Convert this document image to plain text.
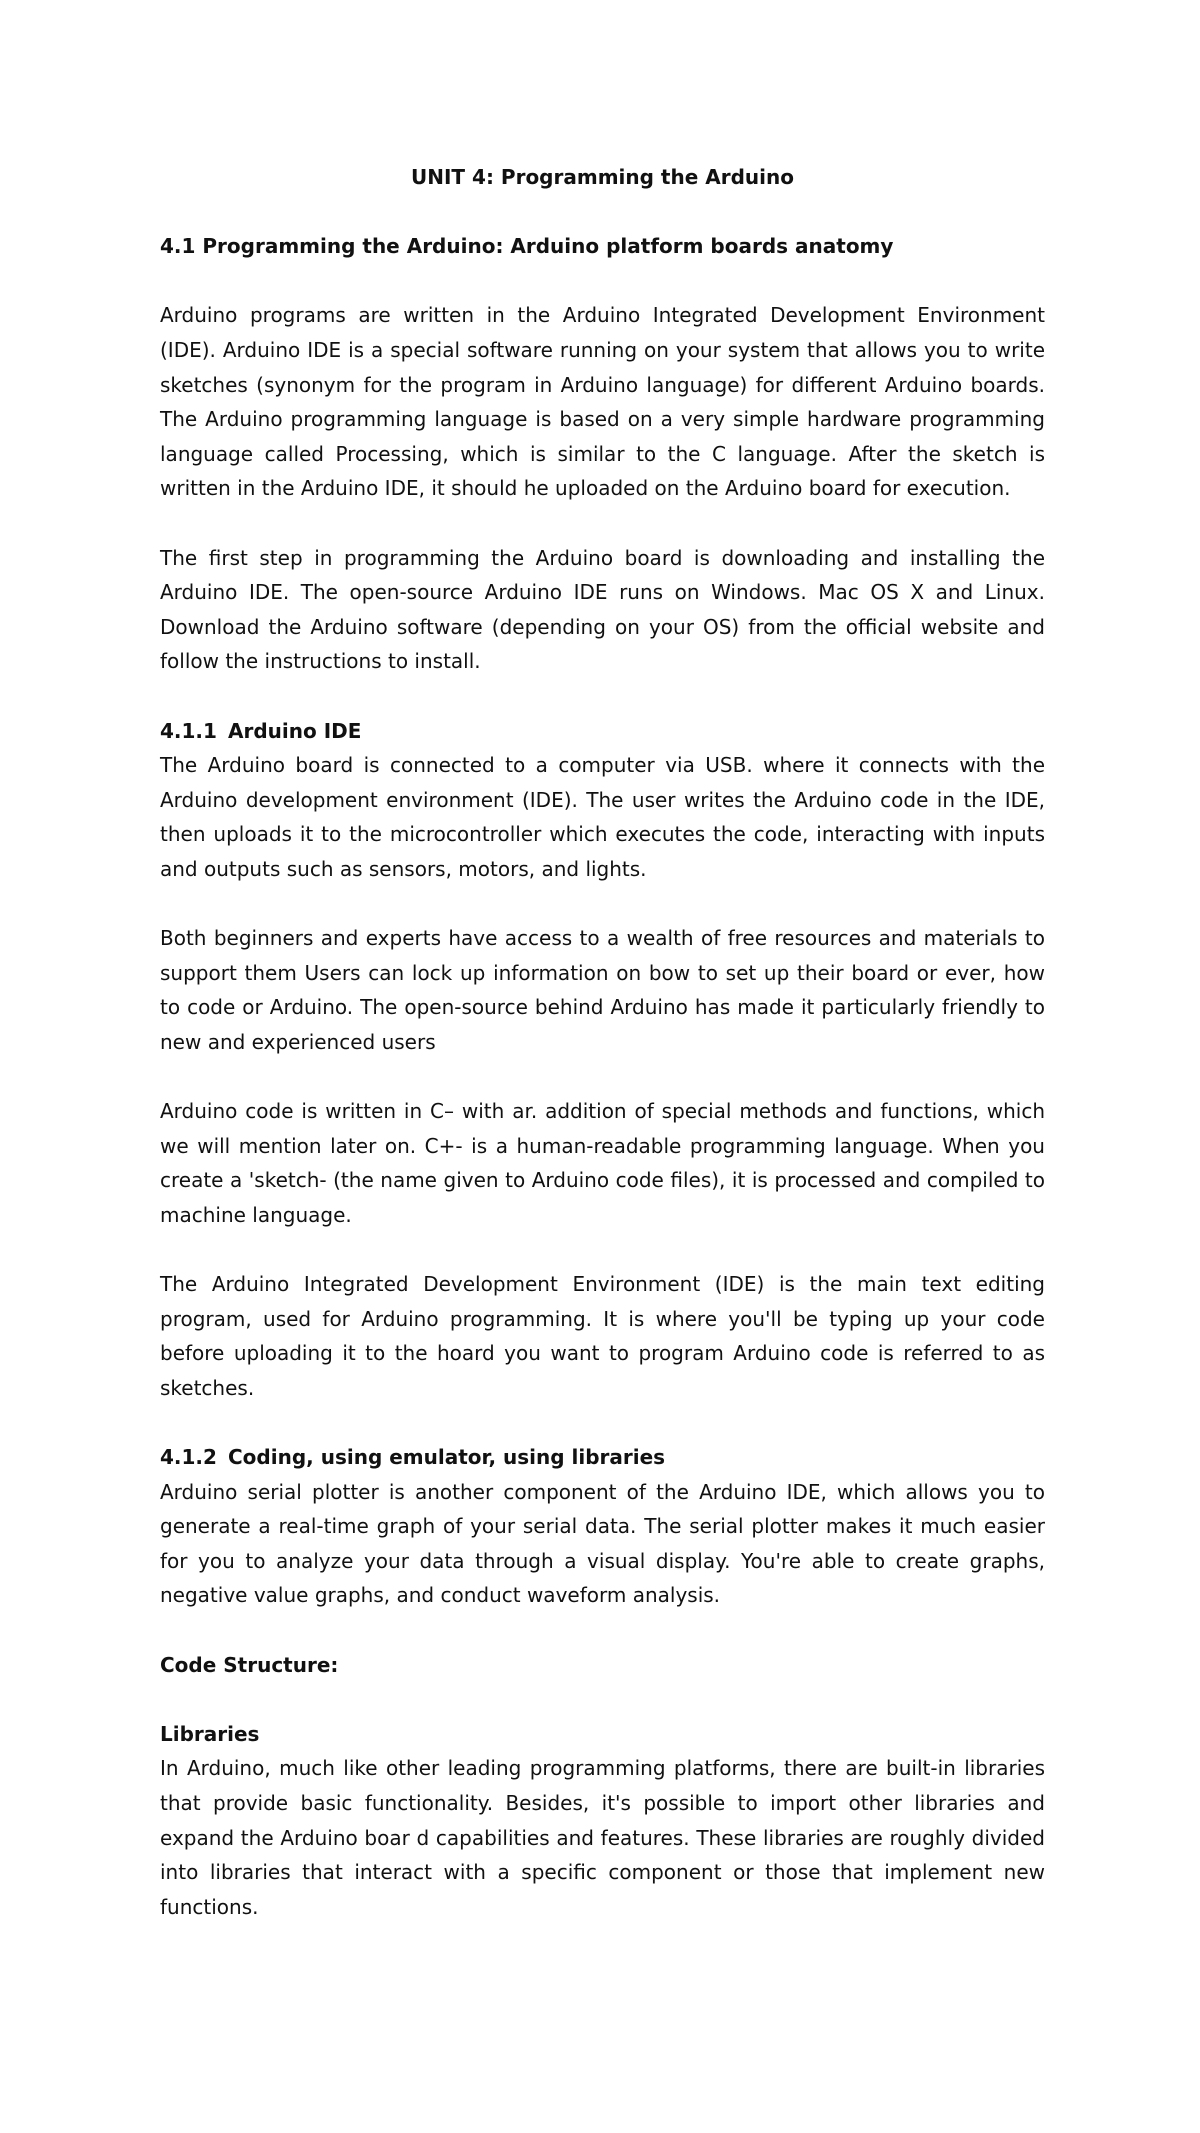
UNIT 4: Programming the Arduino
4.1 Programming the Arduino: Arduino platform boards anatomy

Arduino programs are written in the Arduino Integrated Development Environment (IDE). Arduino IDE is a special software running on your system that allows you to write sketches (synonym for the program in Arduino language) for different Arduino boards. The Arduino programming language is based on a very simple hardware programming language called Processing, which is similar to the C language. After the sketch is written in the Arduino IDE, it should he uploaded on the Arduino board for execution.

The first step in programming the Arduino board is downloading and installing the Arduino IDE. The open-source Arduino IDE runs on Windows. Mac OS X and Linux. Download the Arduino software (depending on your OS) from the official website and follow the instructions to install.

4.1.1 Arduino IDE

The Arduino board is connected to a computer via USB. where it connects with the Arduino development environment (IDE). The user writes the Arduino code in the IDE, then uploads it to the microcontroller which executes the code, interacting with inputs and outputs such as sensors, motors, and lights.

Both beginners and experts have access to a wealth of free resources and materials to support them Users can lock up information on bow to set up their board or ever, how to code or Arduino. The open-source behind Arduino has made it particularly friendly to new and experienced users

Arduino code is written in C– with ar. addition of special methods and functions, which we will mention later on. C+- is a human-readable programming language. When you create a 'sketch- (the name given to Arduino code files), it is processed and compiled to machine language.

The Arduino Integrated Development Environment (IDE) is the main text editing program, used for Arduino programming. It is where you'll be typing up your code before uploading it to the hoard you want to program Arduino code is referred to as sketches.

4.1.2 Coding, using emulator, using libraries

Arduino serial plotter is another component of the Arduino IDE, which allows you to generate a real-time graph of your serial data. The serial plotter makes it much easier for you to analyze your data through a visual display. You're able to create graphs, negative value graphs, and conduct waveform analysis.

Code Structure:
Libraries

In Arduino, much like other leading programming platforms, there are built-in libraries that provide basic functionality. Besides, it's possible to import other libraries and expand the Arduino boar d capabilities and features. These libraries are roughly divided into libraries that interact with a specific component or those that implement new functions.
